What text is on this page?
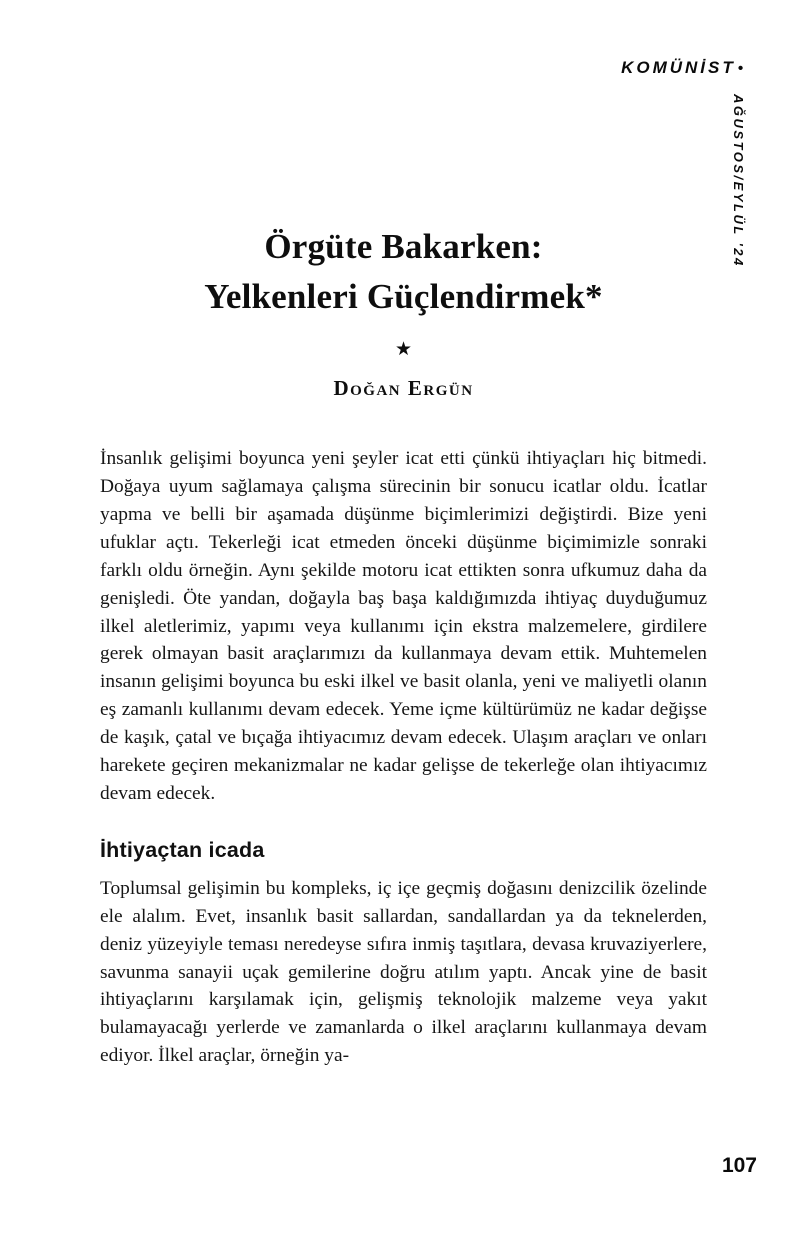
KOMÜNİST •
AĞUSTOS/EYLÜL '24
Örgüte Bakarken:
Yelkenleri Güçlendirmek*
★
Doğan Ergün

İnsanlık gelişimi boyunca yeni şeyler icat etti çünkü ihtiyaçları hiç bitmedi. Doğaya uyum sağlamaya çalışma sürecinin bir sonucu icatlar oldu. İcatlar yapma ve belli bir aşamada düşünme biçimlerimizi değiştirdi. Bize yeni ufuklar açtı. Tekerleği icat etmeden önceki düşünme biçimimizle sonraki farklı oldu örneğin. Aynı şekilde motoru icat ettikten sonra ufkumuz daha da genişledi. Öte yandan, doğayla baş başa kaldığımızda ihtiyaç duyduğumuz ilkel aletlerimiz, yapımı veya kullanımı için ekstra malzemelere, girdilere gerek olmayan basit araçlarımızı da kullanmaya devam ettik. Muhtemelen insanın gelişimi boyunca bu eski ilkel ve basit olanla, yeni ve maliyetli olanın eş zamanlı kullanımı devam edecek. Yeme içme kültürümüz ne kadar değişse de kaşık, çatal ve bıçağa ihtiyacımız devam edecek. Ulaşım araçları ve onları harekete geçiren mekanizmalar ne kadar gelişse de tekerleğe olan ihtiyacımız devam edecek.

İhtiyaçtan icada

Toplumsal gelişimin bu kompleks, iç içe geçmiş doğasını denizcilik özelinde ele alalım. Evet, insanlık basit sallardan, sandallardan ya da teknelerden, deniz yüzeyiyle teması neredeyse sıfıra inmiş taşıtlara, devasa kruvaziyerlere, savunma sanayii uçak gemilerine doğru atılım yaptı. Ancak yine de basit ihtiyaçlarını karşılamak için, gelişmiş teknolojik malzeme veya yakıt bulamayacağı yerlerde ve zamanlarda o ilkel araçlarını kullanmaya devam ediyor. İlkel araçlar, örneğin ya-

107
